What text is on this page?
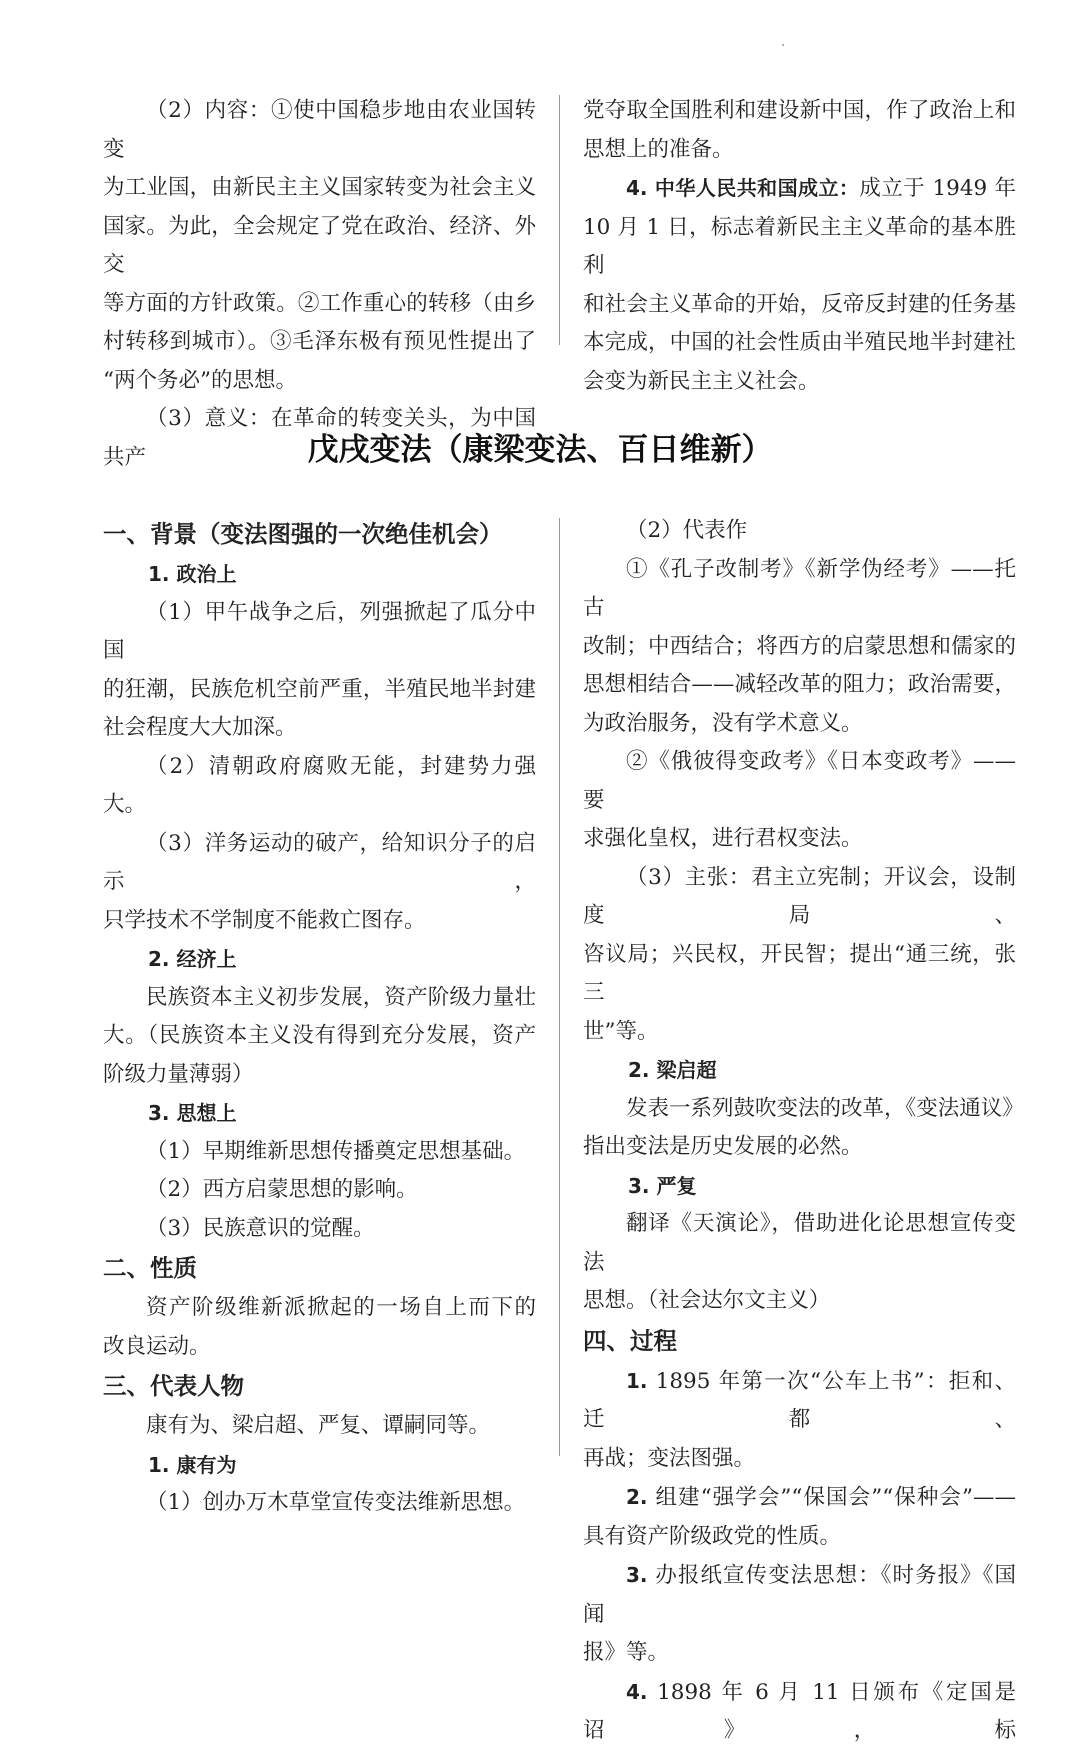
（2）内容：①使中国稳步地由农业国转变

为工业国，由新民主主义国家转变为社会主义

国家。为此，全会规定了党在政治、经济、外交

等方面的方针政策。②工作重心的转移（由乡

村转移到城市）。③毛泽东极有预见性提出了

“两个务必”的思想。

（3）意义：在革命的转变关头，为中国共产

党夺取全国胜利和建设新中国，作了政治上和

思想上的准备。

4. 中华人民共和国成立：成立于 1949 年

10 月 1 日，标志着新民主主义革命的基本胜利

和社会主义革命的开始，反帝反封建的任务基

本完成，中国的社会性质由半殖民地半封建社

会变为新民主主义社会。

戊戌变法（康梁变法、百日维新）

一、背景（变法图强的一次绝佳机会）

1. 政治上

（1）甲午战争之后，列强掀起了瓜分中国

的狂潮，民族危机空前严重，半殖民地半封建

社会程度大大加深。

（2）清朝政府腐败无能，封建势力强大。

（3）洋务运动的破产，给知识分子的启示，

只学技术不学制度不能救亡图存。

2. 经济上

民族资本主义初步发展，资产阶级力量壮

大。（民族资本主义没有得到充分发展，资产

阶级力量薄弱）

3. 思想上

（1）早期维新思想传播奠定思想基础。

（2）西方启蒙思想的影响。

（3）民族意识的觉醒。

二、性质

资产阶级维新派掀起的一场自上而下的

改良运动。

三、代表人物

康有为、梁启超、严复、谭嗣同等。

1. 康有为

（1）创办万木草堂宣传变法维新思想。

（2）代表作

①《孔子改制考》《新学伪经考》——托古

改制；中西结合；将西方的启蒙思想和儒家的

思想相结合——减轻改革的阻力；政治需要，

为政治服务，没有学术意义。

②《俄彼得变政考》《日本变政考》——要

求强化皇权，进行君权变法。

（3）主张：君主立宪制；开议会，设制度局、

咨议局；兴民权，开民智；提出“通三统，张三

世”等。

2. 梁启超

发表一系列鼓吹变法的改革，《变法通议》

指出变法是历史发展的必然。

3. 严复

翻译《天演论》，借助进化论思想宣传变法

思想。（社会达尔文主义）

四、过程

1. 1895 年第一次“公车上书”：拒和、迁都、

再战；变法图强。

2. 组建“强学会”“保国会”“保种会”——

具有资产阶级政党的性质。

3. 办报纸宣传变法思想：《时务报》《国闻

报》等。

4. 1898 年 6 月 11 日颁布《定国是诏》，标
